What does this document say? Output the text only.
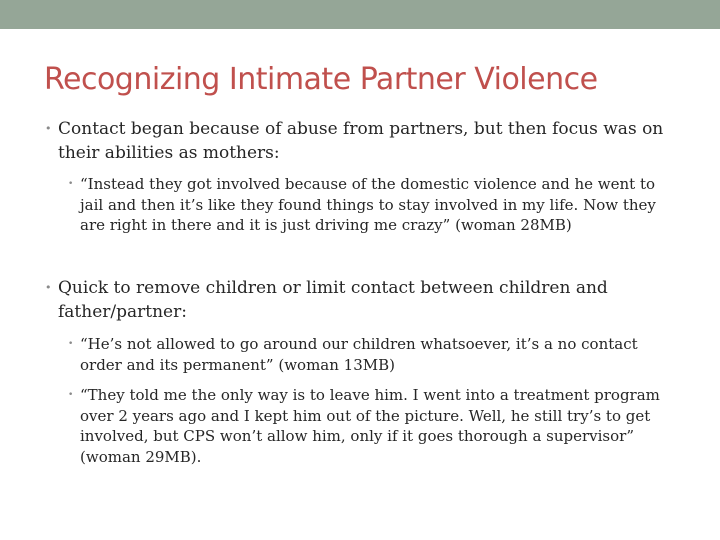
Recognizing Intimate Partner Violence
• Contact began because of abuse from partners, but then focus was on their abilities as mothers:
• “Instead they got involved because of the domestic violence and he went to jail and then it’s like they found things to stay involved in my life. Now they are right in there and it is just driving me crazy” (woman 28MB)
• Quick to remove children or limit contact between children and father/partner:
• “He’s not allowed to go around our children whatsoever, it’s a no contact order and its permanent” (woman 13MB)
• “They told me the only way is to leave him. I went into a treatment program over 2 years ago and I kept him out of the picture. Well, he still try’s to get involved, but CPS won’t allow him, only if it goes thorough a supervisor” (woman 29MB).
